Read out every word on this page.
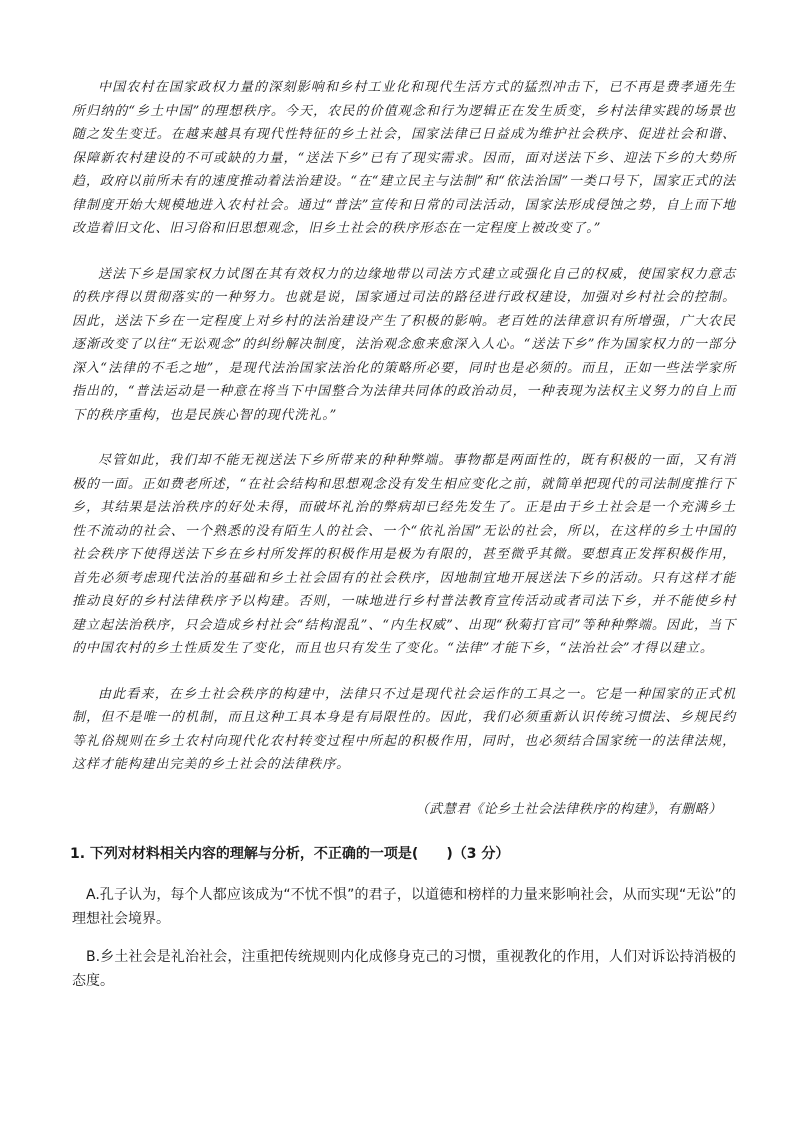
中国农村在国家政权力量的深刻影响和乡村工业化和现代生活方式的猛烈冲击下，已不再是费孝通先生所归纳的“乡土中国”的理想秩序。今天，农民的价值观念和行为逻辑正在发生质变，乡村法律实践的场景也随之发生变迁。在越来越具有现代性特征的乡土社会，国家法律已日益成为维护社会秩序、促进社会和谐、保障新农村建设的不可或缺的力量，“送法下乡”已有了现实需求。因而，面对送法下乡、迎法下乡的大势所趋，政府以前所未有的速度推动着法治建设。“在“建立民主与法制”和“依法治国”一类口号下，国家正式的法律制度开始大规模地进入农村社会。通过“普法”宣传和日常的司法活动，国家法形成侵蚀之势，自上而下地改造着旧文化、旧习俗和旧思想观念，旧乡土社会的秩序形态在一定程度上被改变了。”

送法下乡是国家权力试图在其有效权力的边缘地带以司法方式建立或强化自己的权威，使国家权力意志的秩序得以贯彻落实的一种努力。也就是说，国家通过司法的路径进行政权建设，加强对乡村社会的控制。因此，送法下乡在一定程度上对乡村的法治建设产生了积极的影响。老百姓的法律意识有所增强，广大农民逐渐改变了以往“无讼观念”的纠纷解决制度，法治观念愈来愈深入人心。“送法下乡”作为国家权力的一部分深入“法律的不毛之地”，是现代法治国家法治化的策略所必要，同时也是必须的。而且，正如一些法学家所指出的，“普法运动是一种意在将当下中国整合为法律共同体的政治动员，一种表现为法权主义努力的自上而下的秩序重构，也是民族心智的现代洗礼。”

尽管如此，我们却不能无视送法下乡所带来的种种弊端。事物都是两面性的，既有积极的一面，又有消极的一面。正如费老所述，“在社会结构和思想观念没有发生相应变化之前，就简单把现代的司法制度推行下乡，其结果是法治秩序的好处未得，而破坏礼治的弊病却已经先发生了。正是由于乡土社会是一个充满乡土性不流动的社会、一个熟悉的没有陌生人的社会、一个“依礼治国”无讼的社会，所以，在这样的乡土中国的社会秩序下使得送法下乡在乡村所发挥的积极作用是极为有限的，甚至微乎其微。要想真正发挥积极作用，首先必须考虑现代法治的基础和乡土社会固有的社会秩序，因地制宜地开展送法下乡的活动。只有这样才能推动良好的乡村法律秩序予以构建。否则，一味地进行乡村普法教育宣传活动或者司法下乡，并不能使乡村建立起法治秩序，只会造成乡村社会“结构混乱”、“内生权威”、出现“秋菊打官司”等种种弊端。因此，当下的中国农村的乡土性质发生了变化，而且也只有发生了变化。“法律”才能下乡，“法治社会”才得以建立。

由此看来，在乡土社会秩序的构建中，法律只不过是现代社会运作的工具之一。它是一种国家的正式机制，但不是唯一的机制，而且这种工具本身是有局限性的。因此，我们必须重新认识传统习惯法、乡规民约等礼俗规则在乡土农村向现代化农村转变过程中所起的积极作用，同时，也必须结合国家统一的法律法规，这样才能构建出完美的乡土社会的法律秩序。

（武慧君《论乡土社会法律秩序的构建》，有删略）

1. 下列对材料相关内容的理解与分析，不正确的一项是(　　)（3 分）

A.孔子认为，每个人都应该成为“不忧不惧”的君子，以道德和榜样的力量来影响社会，从而实现“无讼”的理想社会境界。

B.乡土社会是礼治社会，注重把传统规则内化成修身克己的习惯，重视教化的作用，人们对诉讼持消极的态度。
